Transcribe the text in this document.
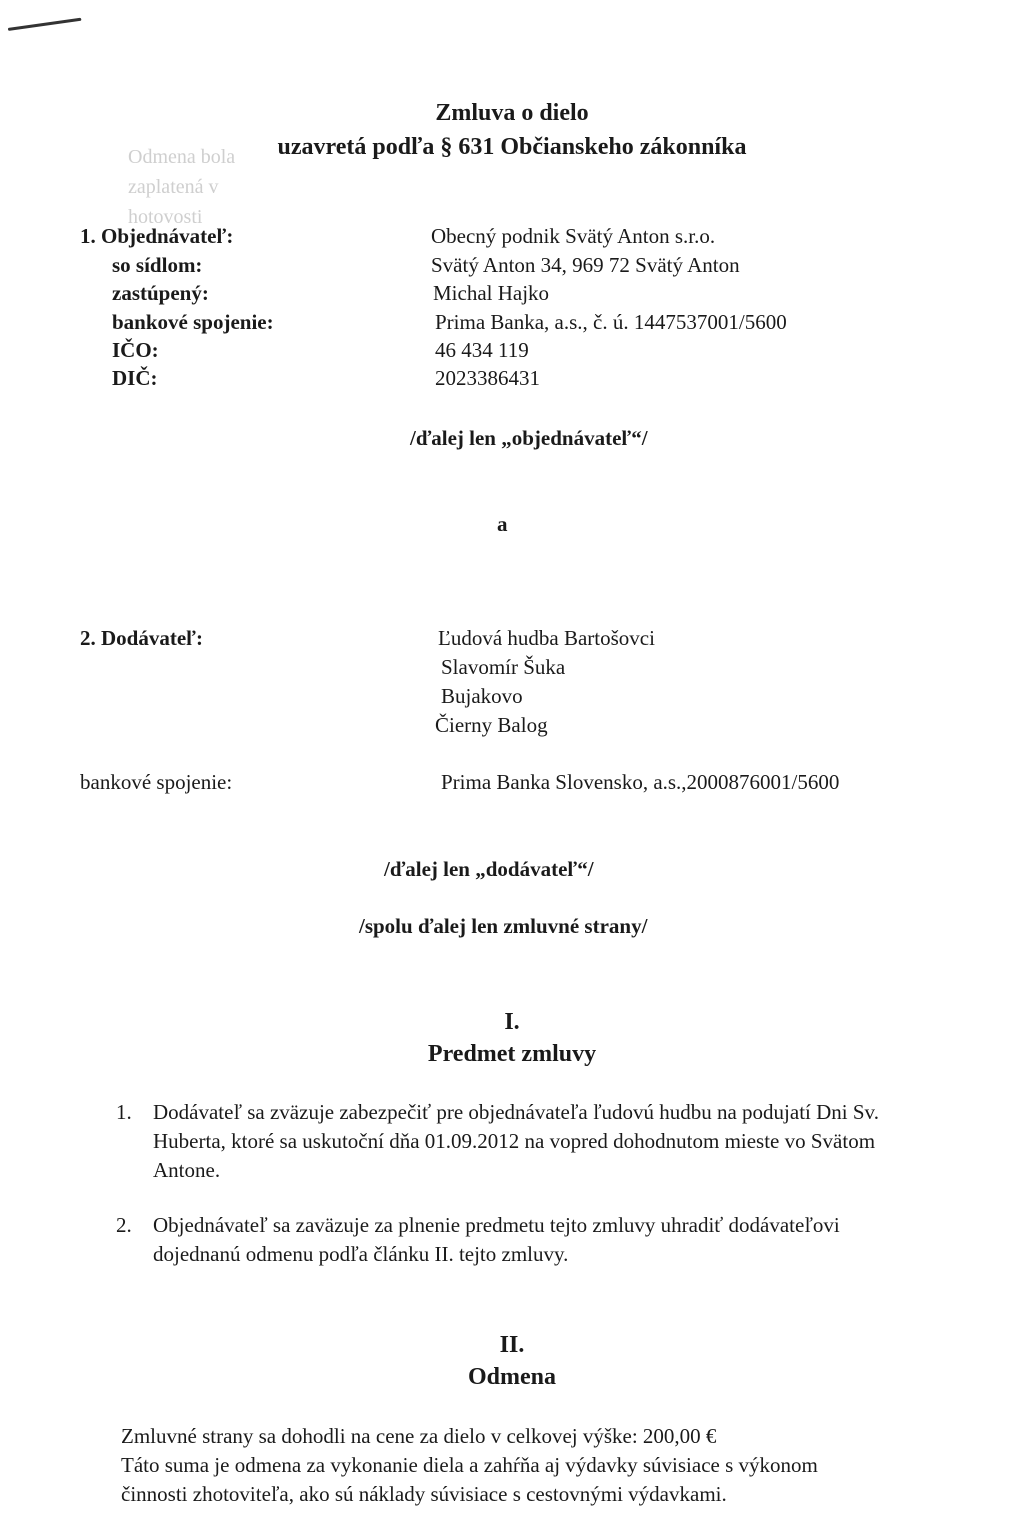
Odmena bola
zaplatená v
hotovosti
Zmluva o dielo
uzavretá podľa § 631 Občianskeho zákonníka
1. Objednávateľ:	Obecný podnik Svätý Anton s.r.o.
so sídlom:	Svätý Anton 34, 969 72 Svätý Anton
zastúpený:	Michal Hajko
bankové spojenie:	Prima Banka, a.s., č. ú. 1447537001/5600
IČO:	46 434 119
DIČ:	2023386431
/ďalej len „objednávateľ“/
a
2. Dodávateľ:	Ľudová hudba Bartošovci
Slavomír Šuka
Bujakovo
Čierny Balog
bankové spojenie:	Prima Banka Slovensko, a.s.,2000876001/5600
/ďalej len „dodávateľ“/
/spolu ďalej len zmluvné strany/
I.
Predmet zmluvy
1. Dodávateľ sa zväzuje zabezpečiť pre objednávateľa ľudovú hudbu na podujatí Dni Sv.
Huberta, ktoré sa uskutoční dňa 01.09.2012 na vopred dohodnutom mieste vo Svätom
Antone.
2. Objednávateľ sa zaväzuje za plnenie predmetu tejto zmluvy uhradiť dodávateľovi
dojednanú odmenu podľa článku II. tejto zmluvy.
II.
Odmena
Zmluvné strany sa dohodli na cene za dielo v celkovej výške: 200,00 €
Táto suma je odmena za vykonanie diela a zahŕňa aj výdavky súvisiace s výkonom
činnosti zhotoviteľa, ako sú náklady súvisiace s cestovnými výdavkami.
